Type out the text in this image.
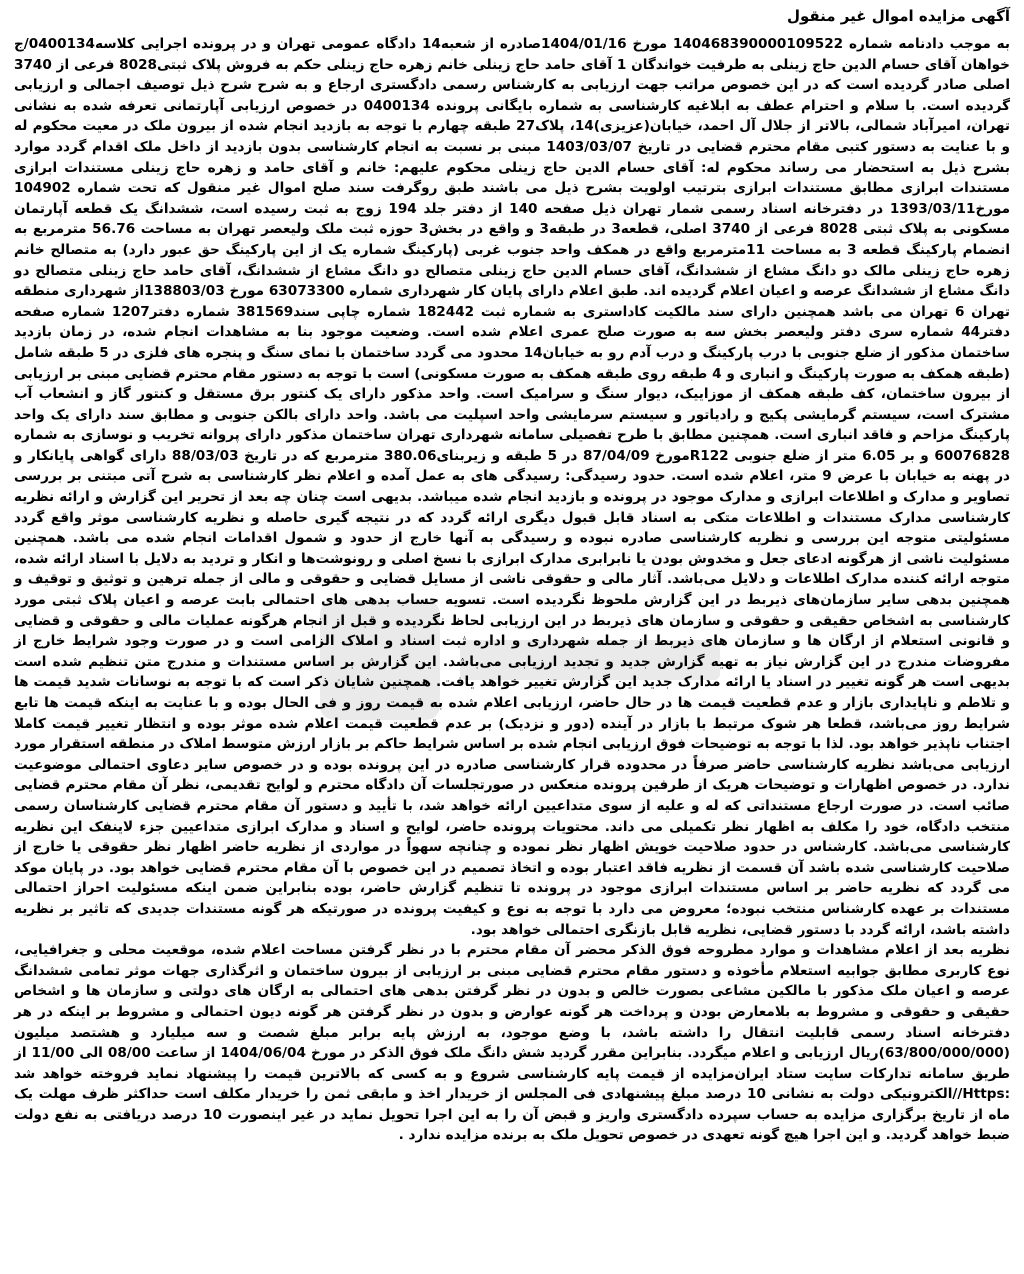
آگهی مزایده اموال غیر منقول

به موجب دادنامه شماره 140468390000109522 مورخ 1404/01/16صادره از شعبه14 دادگاه عمومی تهران و در پرونده اجرایی کلاسه0400134/ج خواهان آقای حسام الدین حاج زینلی به طرفیت خواندگان 1 آقای حامد حاج زینلی خانم زهره حاج زینلی حکم به فروش پلاک ثبتی8028 فرعی از 3740 اصلی صادر گردیده است که در این خصوص مراتب جهت ارزیابی به کارشناس رسمی دادگستری ارجاع و به شرح شرح ذیل توصیف اجمالی و ارزیابی گردیده است. با سلام و احترام عطف به ابلاغیه کارشناسی به شماره بایگانی پرونده 0400134 در خصوص ارزیابی آپارتمانی تعرفه شده به نشانی تهران، امیرآباد شمالی، بالاتر از جلال آل احمد، خیابان(عزیزی)14، پلاک27 طبقه چهارم با توجه به بازدید انجام شده از بیرون ملک در معیت محکوم له و با عنایت به دستور کتبی مقام محترم قضایی در تاریخ 1403/03/07 مبنی بر نسبت به انجام کارشناسی بدون بازدید از داخل ملک اقدام گردد موارد بشرح ذیل به استحضار می رساند محکوم له: آقای حسام الدین حاج زینلی محکوم علیهم: خانم و آقای حامد و زهره حاج زینلی مستندات ابرازی مستندات ابرازی مطابق مستندات ابرازی بترتیب اولویت بشرح ذیل می باشند طبق روگرفت سند صلح اموال غیر منقول که تحت شماره 104902 مورخ1393/03/11 در دفترخانه اسناد رسمی شمار تهران ذیل صفحه 140 از دفتر جلد 194 زوج به ثبت رسیده است، ششدانگ یک قطعه آپارتمان مسکونی به پلاک ثبتی 8028 فرعی از 3740 اصلی، قطعه3 در طبقه3 و واقع در بخش3 حوزه ثبت ملک ولیعصر تهران به مساحت 56.76 مترمربع به انضمام پارکینگ قطعه 3 به مساحت 11مترمربع واقع در همکف واحد جنوب غربی (پارکینگ شماره یک از این پارکینگ حق عبور دارد) به متصالح خانم زهره حاج زینلی مالک دو دانگ مشاع از ششدانگ، آقای حسام الدین حاج زینلی متصالح دو دانگ مشاع از ششدانگ، آقای حامد حاج زینلی متصالح دو دانگ مشاع از ششدانگ عرصه و اعیان اعلام گردیده اند. طبق اعلام دارای پایان کار شهرداری شماره 63073300 مورخ 138803/03از شهرداری منطقه تهران 6 تهران می باشد همچنین دارای سند مالکیت کاداستری به شماره ثبت 182442 شماره چاپی سند381569 شماره دفتر1207 شماره صفحه دفتر44 شماره سری دفتر ولیعصر بخش سه به صورت صلح عمری اعلام شده است. وضعیت موجود بنا به مشاهدات انجام شده، در زمان بازدید ساختمان مذکور از ضلع جنوبی با درب پارکینگ و درب آدم رو به خیابان14 محدود می گردد ساختمان با نمای سنگ و پنجره های فلزی در 5 طبقه شامل (طبقه همکف به صورت پارکینگ و انباری و 4 طبقه روی طبقه همکف به صورت مسکونی) است با توجه به دستور مقام محترم قضایی مبنی بر ارزیابی از بیرون ساختمان، کف طبقه همکف از موزاییک، دیوار سنگ و سرامیک است. واحد مذکور دارای یک کنتور برق مستقل و کنتور گاز و انشعاب آب مشترک است، سیستم گرمایشی پکیج و رادیاتور و سیستم سرمایشی واحد اسپلیت می باشد. واحد دارای بالکن جنوبی و مطابق سند دارای یک واحد پارکینگ مزاحم و فاقد انباری است. همچنین مطابق با طرح تفصیلی سامانه شهرداری تهران ساختمان مذکور دارای پروانه تخریب و نوسازی به شماره 60076828 و بر 6.05 متر از ضلع جنوبی R122مورخ 87/04/09 در 5 طبقه و زیربنای380.06 مترمربع که در تاریخ 88/03/03 دارای گواهی پایانکار و در پهنه به خیابان با عرض 9 متر، اعلام شده است. حدود رسیدگی: رسیدگی های به عمل آمده و اعلام نظر کارشناسی به شرح آتی مبتنی بر بررسی تصاویر و مدارک و اطلاعات ابرازی و مدارک موجود در پرونده و بازدید انجام شده میباشد. بدیهی است چنان چه بعد از تحریر این گزارش و ارائه نظریه کارشناسی مدارک مستندات و اطلاعات متکی به اسناد قابل قبول دیگری ارائه گردد که در نتیجه گیری حاصله و نظریه کارشناسی موثر واقع گردد مسئولیتی متوجه این بررسی و نظریه کارشناسی صادره نبوده و رسیدگی به آنها خارج از حدود و شمول اقدامات انجام شده می باشد. همچنین مسئولیت ناشی از هرگونه ادعای جعل و مخدوش بودن یا نابرابری مدارک ابرازی با نسخ اصلی و رونوشت‌ها و انکار و تردید به دلایل با اسناد ارائه شده، متوجه ارائه کننده مدارک اطلاعات و دلایل می‌باشد. آثار مالی و حقوقی ناشی از مسایل قضایی و حقوقی و مالی از جمله ترهین و توثیق و توقیف و همچنین بدهی سایر سازمان‌های ذیربط در این گزارش ملحوظ نگردیده است. تسویه حساب بدهی های احتمالی بابت عرصه و اعیان پلاک ثبتی مورد کارشناسی به اشخاص حقیقی و حقوقی و سازمان های ذیربط در این ارزیابی لحاظ نگردیده و قبل از انجام هرگونه عملیات مالی و حقوقی و قضایی و قانونی استعلام از ارگان ها و سازمان های ذیربط از جمله شهرداری و اداره ثبت اسناد و املاک الزامی است و در صورت وجود شرایط خارج از مفروضات مندرج در این گزارش نیاز به تهیه گزارش جدید و تجدید ارزیابی می‌باشد. این گزارش بر اساس مستندات و مندرج متن تنظیم شده است بدیهی است هر گونه تغییر در اسناد یا ارائه مدارک جدید این گزارش تغییر خواهد یافت. همچنین شایان ذکر است که با توجه به نوسانات شدید قیمت ها و تلاطم و ناپایداری بازار و عدم قطعیت قیمت ها در حال حاضر، ارزیابی اعلام شده به قیمت روز و فی الحال بوده و با عنایت به اینکه قیمت ها تابع شرایط روز می‌باشد، قطعا هر شوک مرتبط با بازار در آینده (دور و نزدیک) بر عدم قطعیت قیمت اعلام شده موثر بوده و انتظار تغییر قیمت کاملا اجتناب ناپذیر خواهد بود. لذا با توجه به توضیحات فوق ارزیابی انجام شده بر اساس شرایط حاکم بر بازار ارزش متوسط املاک در منطقه استقرار مورد ارزیابی می‌باشد نظریه کارشناسی حاضر صرفاً در محدوده قرار کارشناسی صادره در این پرونده بوده و در خصوص سایر دعاوی احتمالی موضوعیت ندارد. در خصوص اظهارات و توضیحات هریک از طرفین پرونده منعکس در صورتجلسات آن دادگاه محترم و لوایح تقدیمی، نظر آن مقام محترم قضایی صائب است. در صورت ارجاع مستنداتی که له و علیه از سوی متداعیین ارائه خواهد شد، با تأیید و دستور آن مقام محترم قضایی کارشناسان رسمی منتخب دادگاه، خود را مکلف به اظهار نظر تکمیلی می داند. محتویات پرونده حاضر، لوایح و اسناد و مدارک ابرازی متداعیین جزء لاینفک این نظریه کارشناسی می‌باشد. کارشناس در حدود صلاحیت خویش اظهار نظر نموده و چنانچه سهواً در مواردی از نظریه حاضر اظهار نظر حقوقی یا خارج از صلاحیت کارشناسی شده باشد آن قسمت از نظریه فاقد اعتبار بوده و اتخاذ تصمیم در این خصوص با آن مقام محترم قضایی خواهد بود. در پایان موکد می گردد که نظریه حاضر بر اساس مستندات ابرازی موجود در پرونده تا تنظیم گزارش حاضر، بوده بنابراین ضمن اینکه مسئولیت احراز احتمالی مستندات بر عهده کارشناس منتخب نبوده؛ معروض می دارد با توجه به نوع و کیفیت پرونده در صورتیکه هر گونه مستندات جدیدی که تاثیر بر نظریه داشته باشد، ارائه گردد با دستور قضایی، نظریه قابل بازنگری احتمالی خواهد بود.

نظریه بعد از اعلام مشاهدات و موارد مطروحه فوق الذکر محضر آن مقام محترم با در نظر گرفتن مساحت اعلام شده، موقعیت محلی و جغرافیایی، نوع کاربری مطابق جوابیه استعلام مأخوذه و دستور مقام محترم قضایی مبنی بر ارزیابی از بیرون ساختمان و اثرگذاری جهات موثر تمامی ششدانگ عرصه و اعیان ملک مذکور با مالکین مشاعی بصورت خالص و بدون در نظر گرفتن بدهی های احتمالی به ارگان های دولتی و سازمان ها و اشخاص حقیقی و حقوقی و مشروط به بلامعارض بودن و پرداخت هر گونه عوارض و بدون در نظر گرفتن هر گونه دیون احتمالی و مشروط بر اینکه در هر دفترخانه اسناد رسمی قابلیت انتقال را داشته باشد، با وضع موجود، به ارزش پایه برابر مبلغ شصت و سه میلیارد و هشتصد میلیون (63/800/000/000)ریال ارزیابی و اعلام میگردد. بنابراین مقرر گردید شش دانگ ملک فوق الذکر در مورخ 1404/06/04 از ساعت 08/00 الی 11/00 از طریق سامانه تدارکات سایت ستاد ایران‌مزایده از قیمت پایه کارشناسی شروع و به کسی که بالاترین قیمت را پیشنهاد نماید فروخته خواهد شد :Https//الکترونیکی دولت به نشانی 10 درصد مبلغ پیشنهادی فی المجلس از خریدار اخذ و مابقی ثمن را خریدار مکلف است حداکثر ظرف مهلت یک ماه از تاریخ برگزاری مزایده به حساب سپرده دادگستری واریز و قبض آن را به این اجرا تحویل نماید در غیر اینصورت 10 درصد دریافتی به نفع دولت ضبط خواهد گردید. و این اجرا هیچ گونه تعهدی در خصوص تحویل ملک به برنده مزایده ندارد .
